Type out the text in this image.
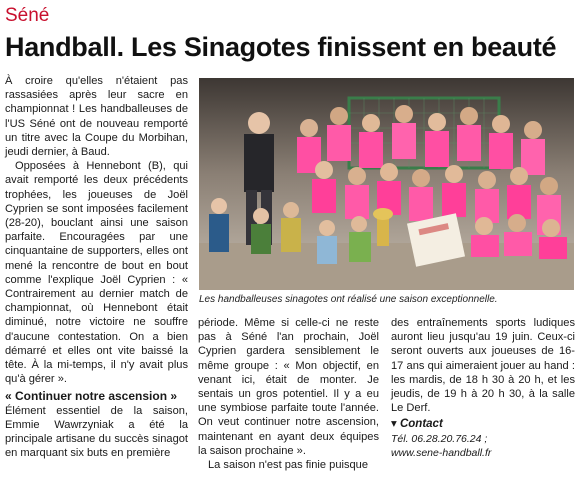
Séné
Handball. Les Sinagotes finissent en beauté

À croire qu'elles n'étaient pas rassasiées après leur sacre en championnat ! Les handballeuses de l'US Séné ont de nouveau remporté un titre avec la Coupe du Morbihan, jeudi dernier, à Baud.

Opposées à Hennebont (B), qui avait remporté les deux précédents trophées, les joueuses de Joël Cyprien se sont imposées facilement (28-20), bouclant ainsi une saison parfaite. Encouragées par une cinquantaine de supporters, elles ont mené la rencontre de bout en bout comme l'explique Joël Cyprien : « Contrairement au dernier match de championnat, où Hennebont était diminué, notre victoire ne souffre d'aucune contestation. On a bien démarré et elles ont vite baissé la tête. À la mi-temps, il n'y avait plus qu'à gérer ».

« Continuer notre ascension »

Élément essentiel de la saison, Emmie Wawrzyniak a été la principale artisane du succès sinagot en marquant six buts en première

Les handballeuses sinagotes ont réalisé une saison exceptionnelle.

période. Même si celle-ci ne reste pas à Séné l'an prochain, Joël Cyprien gardera sensiblement le même groupe : « Mon objectif, en venant ici, était de monter. Je sentais un gros potentiel. Il y a eu une symbiose parfaite toute l'année. On veut continuer notre ascension, maintenant en ayant deux équipes la saison prochaine ».

La saison n'est pas finie puisque

des entraînements sports ludiques auront lieu jusqu'au 19 juin. Ceux-ci seront ouverts aux joueuses de 16-17 ans qui aimeraient jouer au hand : les mardis, de 18 h 30 à 20 h, et les jeudis, de 19 h à 20 h 30, à la salle Le Derf.

▾ Contact

Tél. 06.28.20.76.24 ;

www.sene-handball.fr
